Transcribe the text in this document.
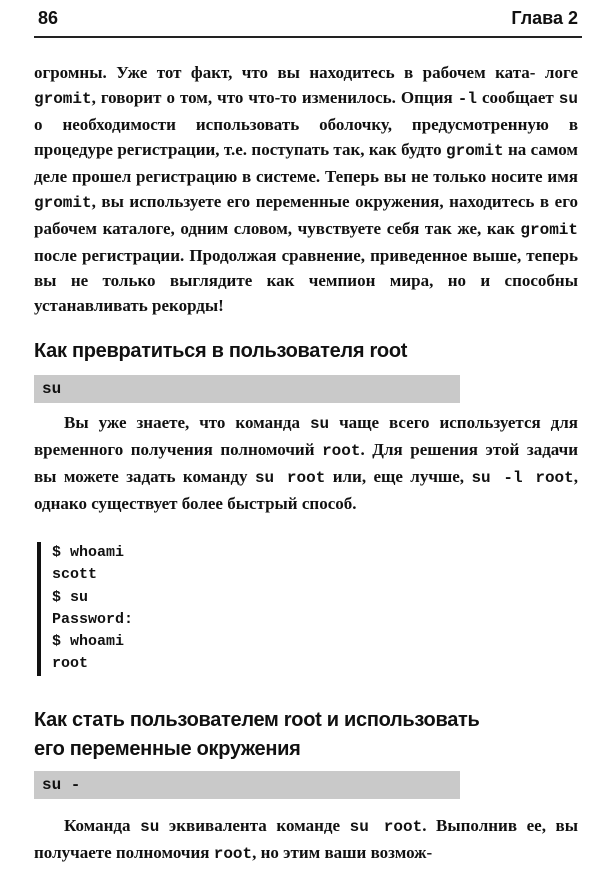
86	Глава 2

огромны. Уже тот факт, что вы находитесь в рабочем ката- логе gromit, говорит о том, что что-то изменилось. Опция -l сообщает su о необходимости использовать оболочку, предусмотренную в процедуре регистрации, т.е. поступать так, как будто gromit на самом деле прошел регистрацию в системе. Теперь вы не только носите имя gromit, вы используете его переменные окружения, находитесь в его рабочем каталоге, одним словом, чувствуете себя так же, как gromit после регистрации. Продолжая сравнение, приведенное выше, теперь вы не только выглядите как чемпион мира, но и способны устанавливать рекорды!

Как превратиться в пользователя root
su

Вы уже знаете, что команда su чаще всего используется для временного получения полномочий root. Для решения этой задачи вы можете задать команду su root или, еще лучше, su -l root, однако существует более быстрый способ.

$ whoami
scott
$ su
Password:
$ whoami
root
Как стать пользователем root и использовать
его переменные окружения
su -

Команда su эквивалента команде su root. Выполнив ее, вы получаете полномочия root, но этим ваши возмож-
